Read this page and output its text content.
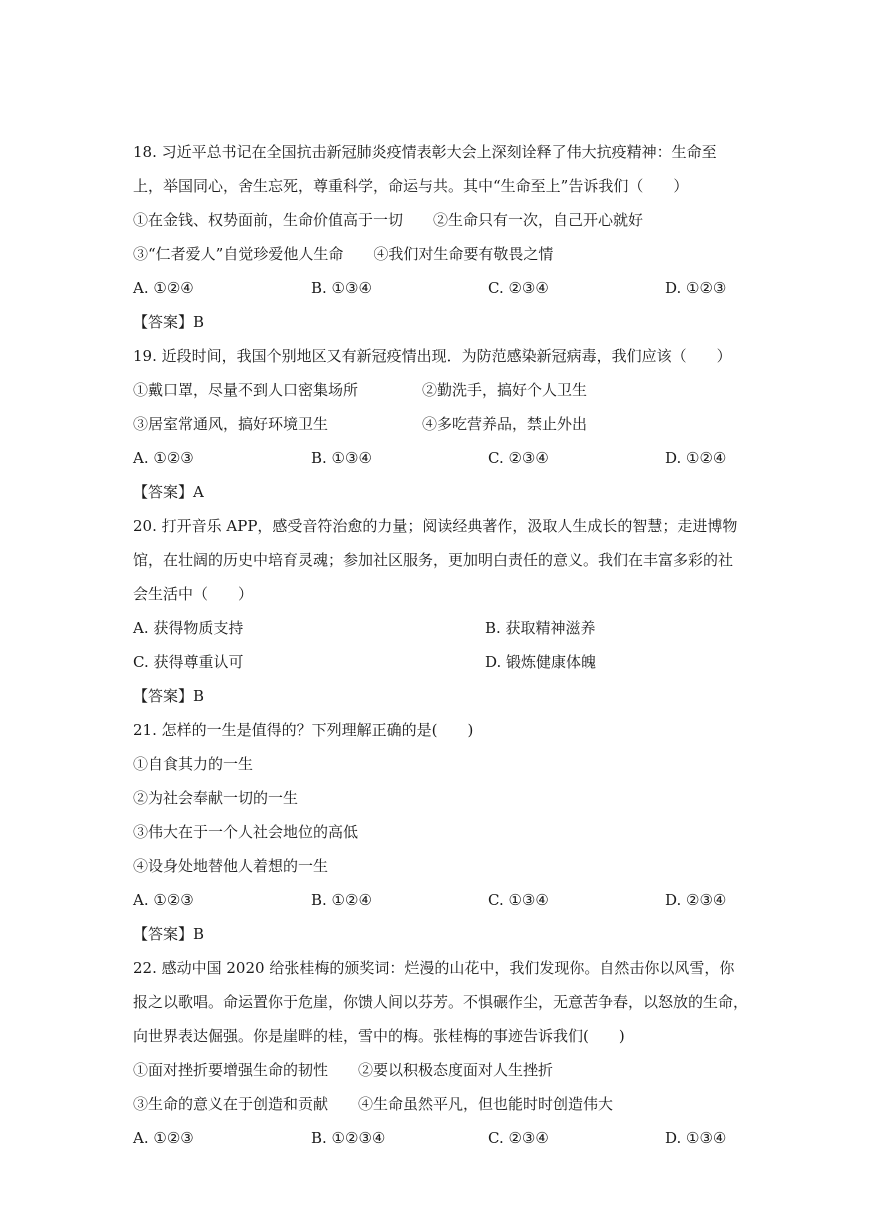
18. 习近平总书记在全国抗击新冠肺炎疫情表彰大会上深刻诠释了伟大抗疫精神：生命至
上，举国同心，舍生忘死，尊重科学，命运与共。其中“生命至上”告诉我们（　　）
①在金钱、权势面前，生命价值高于一切　　②生命只有一次，自己开心就好
③“仁者爱人”自觉珍爱他人生命　　④我们对生命要有敬畏之情
A. ①②④	B. ①③④	C. ②③④	D. ①②③
【答案】B
19. 近段时间，我国个别地区又有新冠疫情出现．为防范感染新冠病毒，我们应该（　　）
①戴口罩，尽量不到人口密集场所	②勤洗手，搞好个人卫生
③居室常通风，搞好环境卫生	④多吃营养品，禁止外出
A. ①②③	B. ①③④	C. ②③④	D. ①②④
【答案】A
20. 打开音乐 APP，感受音符治愈的力量；阅读经典著作，汲取人生成长的智慧；走进博物
馆，在壮阔的历史中培育灵魂；参加社区服务，更加明白责任的意义。我们在丰富多彩的社
会生活中（　　）
A. 获得物质支持	B. 获取精神滋养
C. 获得尊重认可	D. 锻炼健康体魄
【答案】B
21. 怎样的一生是值得的？下列理解正确的是(　　)
①自食其力的一生
②为社会奉献一切的一生
③伟大在于一个人社会地位的高低
④设身处地替他人着想的一生
A. ①②③	B. ①②④	C. ①③④	D. ②③④
【答案】B
22. 感动中国 2020 给张桂梅的颁奖词：烂漫的山花中，我们发现你。自然击你以风雪，你
报之以歌唱。命运置你于危崖，你馈人间以芬芳。不惧碾作尘，无意苦争春，以怒放的生命，
向世界表达倔强。你是崖畔的桂，雪中的梅。张桂梅的事迹告诉我们(　　)
①面对挫折要增强生命的韧性　　②要以积极态度面对人生挫折
③生命的意义在于创造和贡献　　④生命虽然平凡，但也能时时创造伟大
A. ①②③	B. ①②③④	C. ②③④	D. ①③④
